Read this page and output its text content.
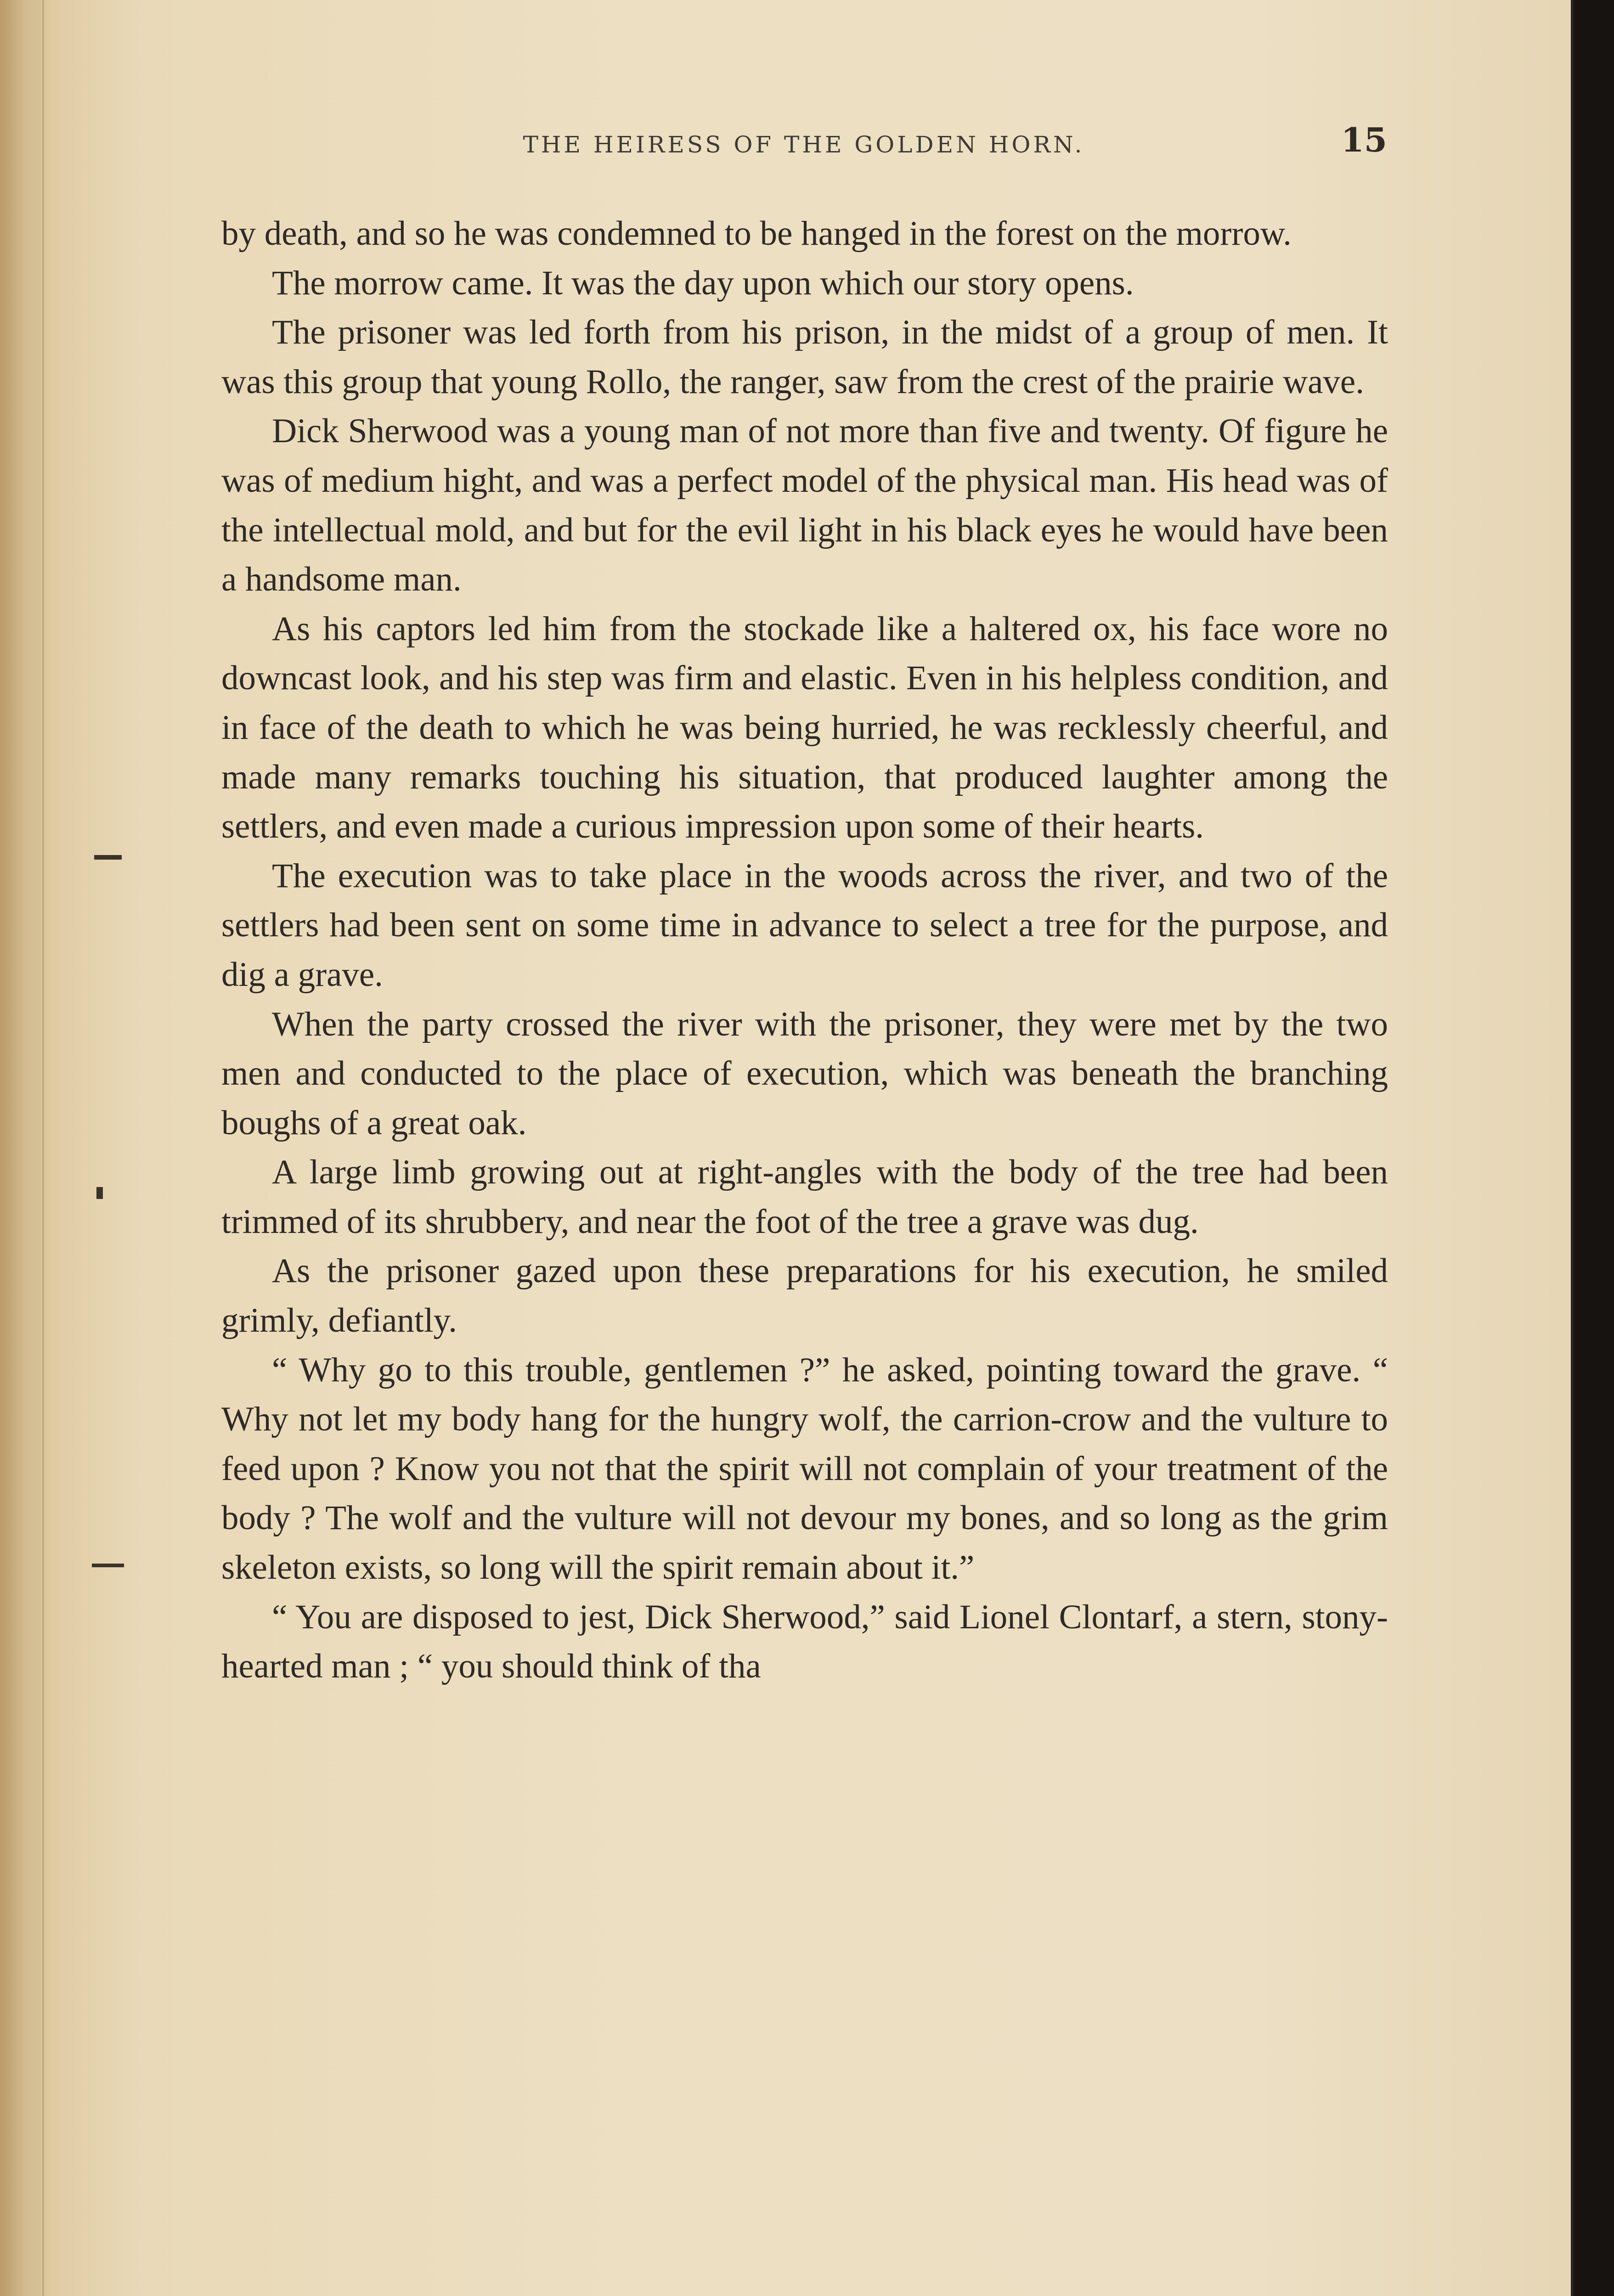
THE HEIRESS OF THE GOLDEN HORN.	15

by death, and so he was condemned to be hanged in the forest on the morrow.

The morrow came. It was the day upon which our story opens.

The prisoner was led forth from his prison, in the midst of a group of men. It was this group that young Rollo, the ranger, saw from the crest of the prairie wave.

Dick Sherwood was a young man of not more than five and twenty. Of figure he was of medium hight, and was a perfect model of the physical man. His head was of the intellectual mold, and but for the evil light in his black eyes he would have been a handsome man.

As his captors led him from the stockade like a haltered ox, his face wore no downcast look, and his step was firm and elastic. Even in his helpless condition, and in face of the death to which he was being hurried, he was recklessly cheerful, and made many remarks touching his situation, that produced laughter among the settlers, and even made a curious impression upon some of their hearts.

The execution was to take place in the woods across the river, and two of the settlers had been sent on some time in advance to select a tree for the purpose, and dig a grave.

When the party crossed the river with the prisoner, they were met by the two men and conducted to the place of execution, which was beneath the branching boughs of a great oak.

A large limb growing out at right-angles with the body of the tree had been trimmed of its shrubbery, and near the foot of the tree a grave was dug.

As the prisoner gazed upon these preparations for his execution, he smiled grimly, defiantly.

“ Why go to this trouble, gentlemen ?” he asked, pointing toward the grave. “ Why not let my body hang for the hungry wolf, the carrion-crow and the vulture to feed upon ? Know you not that the spirit will not complain of your treatment of the body ? The wolf and the vulture will not devour my bones, and so long as the grim skeleton exists, so long will the spirit remain about it.”

“ You are disposed to jest, Dick Sherwood,” said Lionel Clontarf, a stern, stony-hearted man ; “ you should think of tha
